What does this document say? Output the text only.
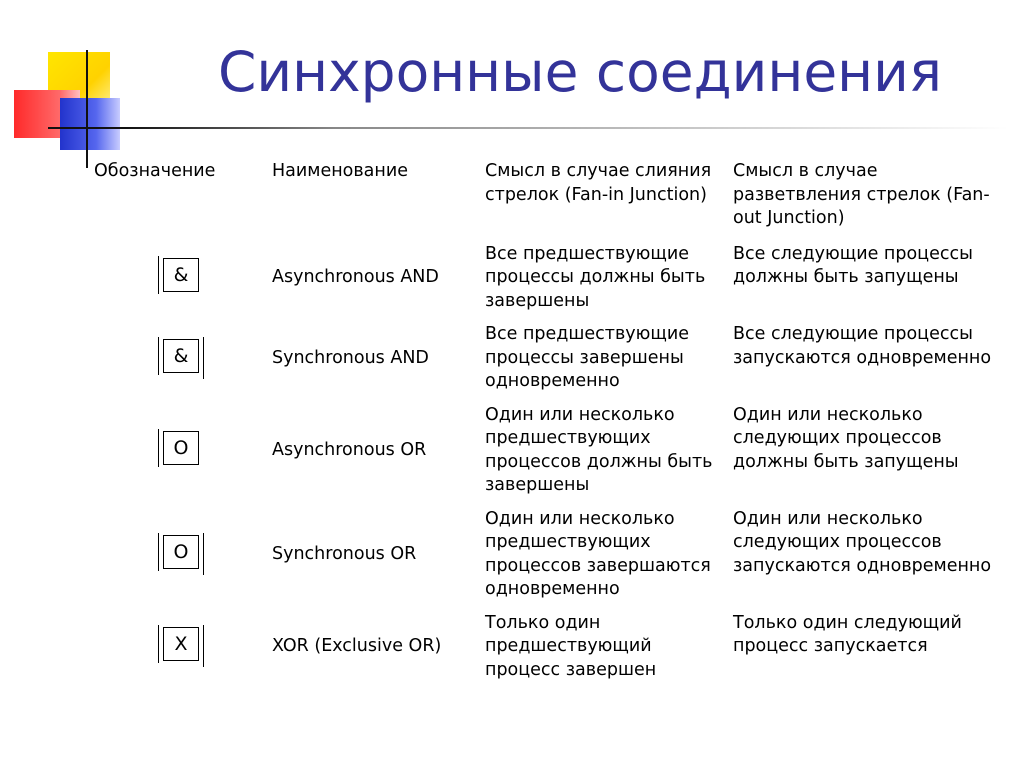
Синхронные соединения
Обозначение	Наименование	Смысл в случае слияния стрелок (Fan-in Junction)	Смысл в случае разветвления стрелок (Fan-out Junction)

&	Asynchronous AND	Все предшествующие процессы должны быть завершены	Все следующие процессы должны быть запущены

&	Synchronous AND	Все предшествующие процессы завершены одновременно	Все следующие процессы запускаются одновременно

O	Asynchronous OR	Один или несколько предшествующих процессов должны быть завершены	Один или несколько следующих процессов должны быть запущены

O	Synchronous OR	Один или несколько предшествующих процессов завершаются одновременно	Один или несколько следующих процессов запускаются одновременно

X	XOR (Exclusive OR)	Только один предшествующий процесс завершен	Только один следующий процесс запускается
